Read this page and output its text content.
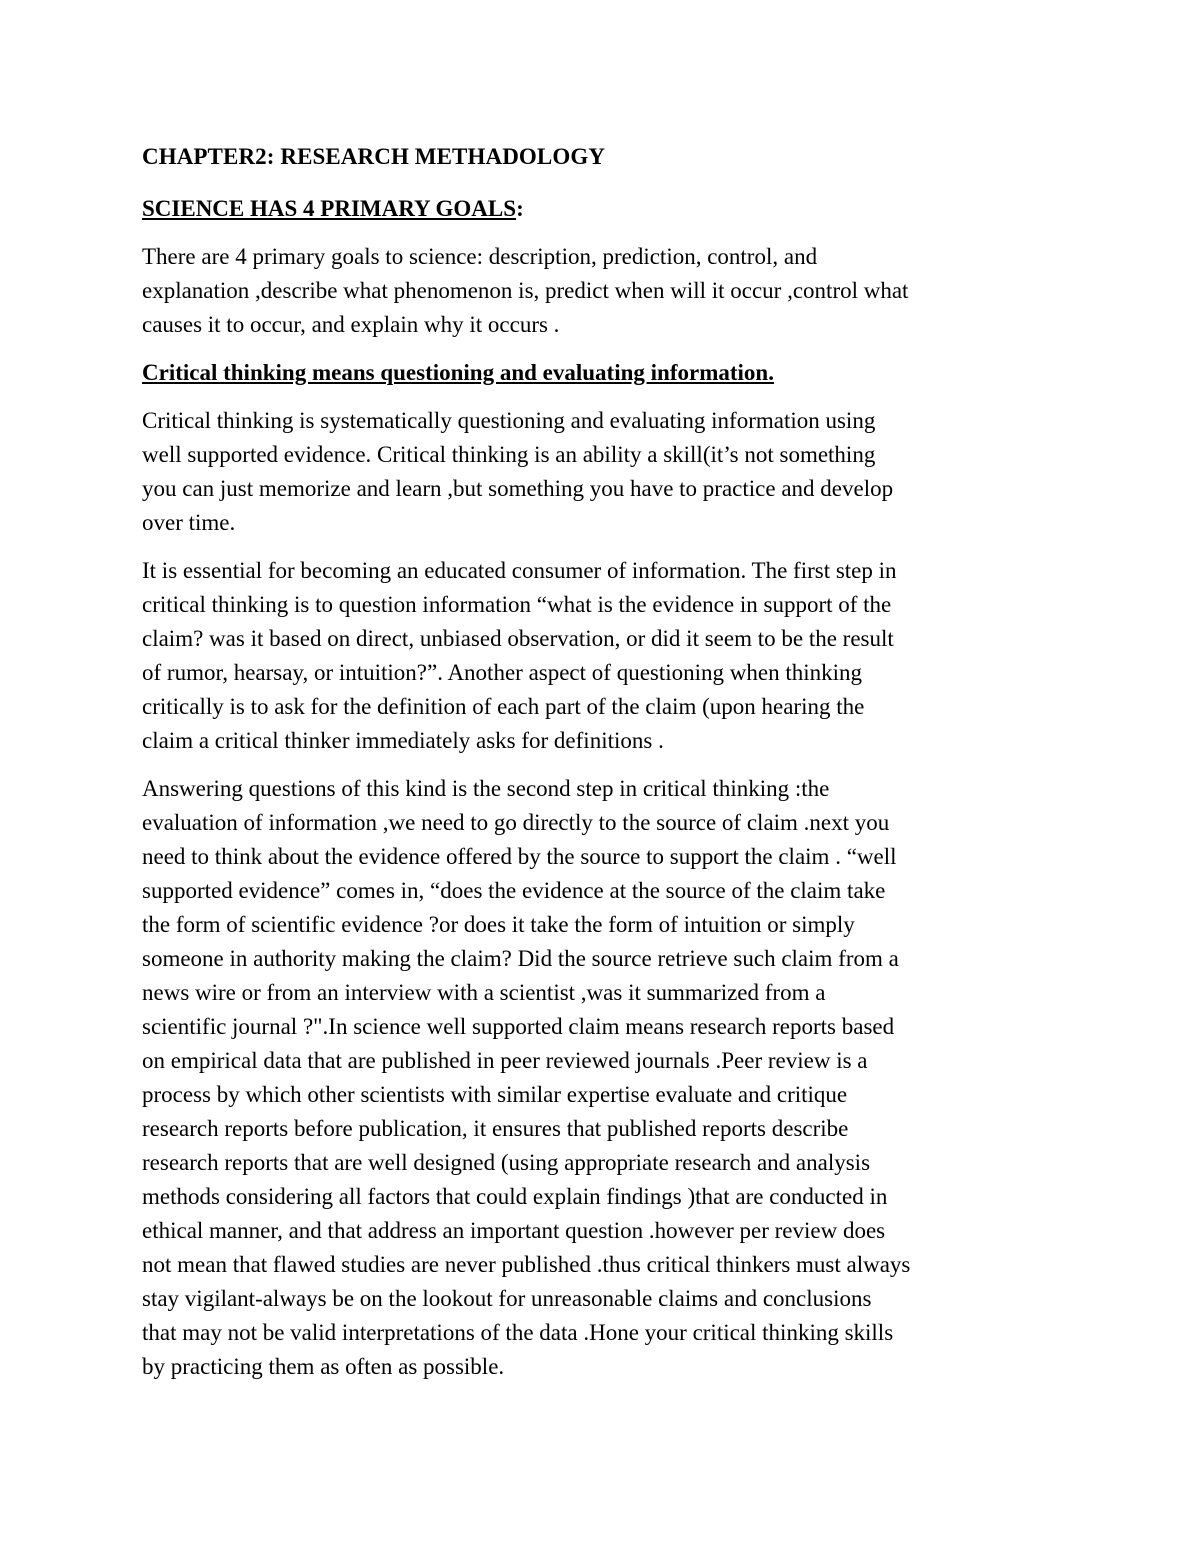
CHAPTER2: RESEARCH METHADOLOGY
SCIENCE HAS 4 PRIMARY GOALS:
There are 4 primary goals to science: description, prediction, control, and
explanation ,describe what phenomenon is, predict when will it occur ,control what
causes it to occur, and explain why it occurs .
Critical thinking means questioning and evaluating information.
Critical thinking is systematically questioning and evaluating information using
well supported evidence. Critical thinking is an ability a skill(it’s not something
you can just memorize and learn ,but something you have to practice and develop
over time.
It is essential for becoming an educated consumer of information. The first step in
critical thinking is to question information “what is the evidence in support of the
claim? was it based on direct, unbiased observation, or did it seem to be the result
of rumor, hearsay, or intuition?”. Another aspect of questioning when thinking
critically is to ask for the definition of each part of the claim (upon hearing the
claim a critical thinker immediately asks for definitions .
Answering questions of this kind is the second step in critical thinking :the
evaluation of information ,we need to go directly to the source of claim .next you
need to think about the evidence offered by the source to support the claim . “well
supported evidence” comes in, “does the evidence at the source of the claim take
the form of scientific evidence ?or does it take the form of intuition or simply
someone in authority making the claim? Did the source retrieve such claim from a
news wire or from an interview with a scientist ,was it summarized from a
scientific journal ?".In science well supported claim means research reports based
on empirical data that are published in peer reviewed journals .Peer review is a
process by which other scientists with similar expertise evaluate and critique
research reports before publication, it ensures that published reports describe
research reports that are well designed (using appropriate research and analysis
methods considering all factors that could explain findings )that are conducted in
ethical manner, and that address an important question .however per review does
not mean that flawed studies are never published .thus critical thinkers must always
stay vigilant-always be on the lookout for unreasonable claims and conclusions
that may not be valid interpretations of the data .Hone your critical thinking skills
by practicing them as often as possible.
